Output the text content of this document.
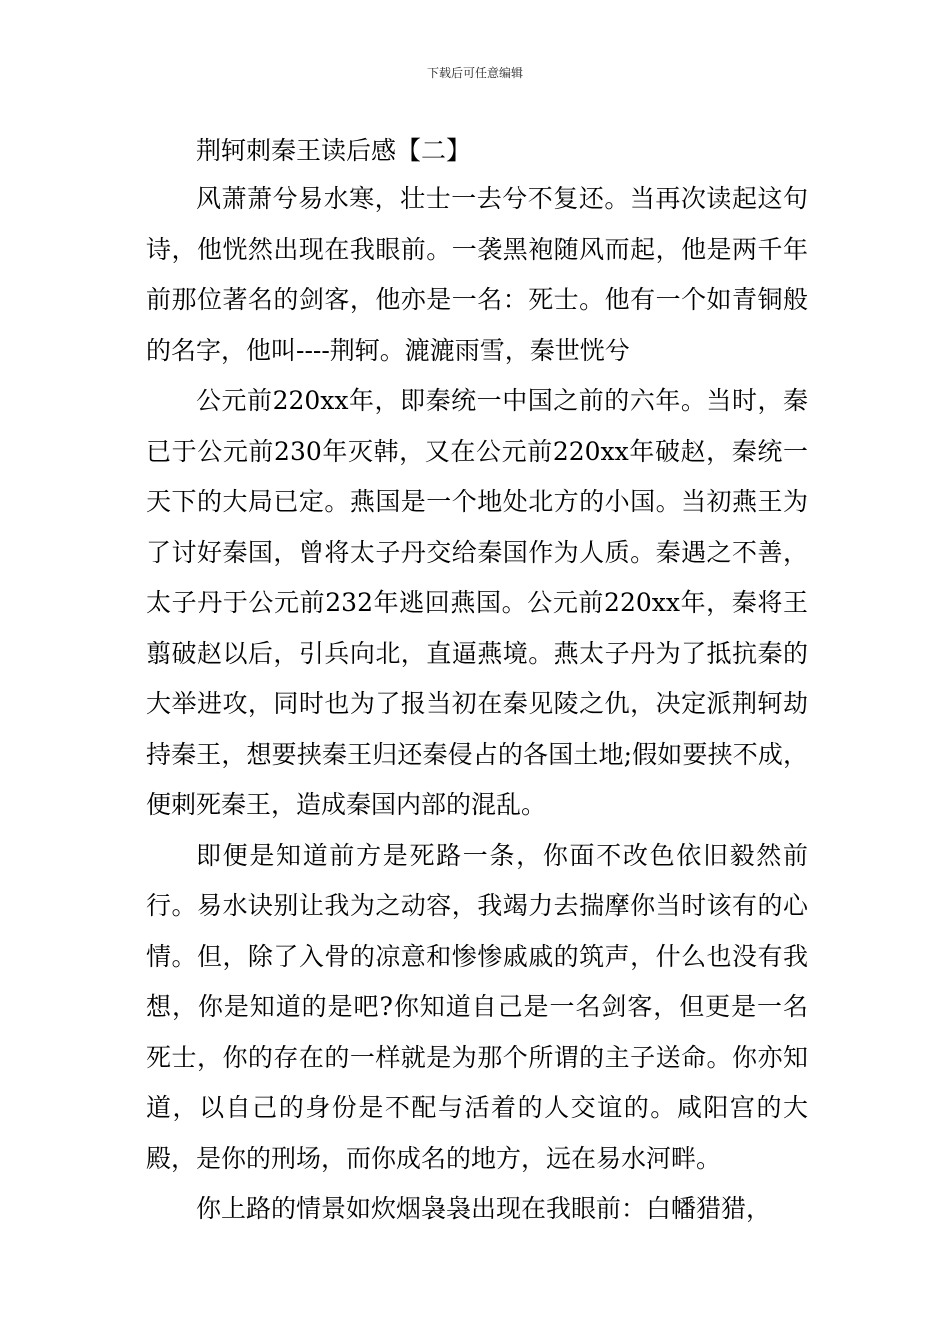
下载后可任意编辑
荆轲刺秦王读后感【二】

风萧萧兮易水寒，壮士一去兮不复还。当再次读起这句诗，他恍然出现在我眼前。一袭黑袍随风而起，他是两千年前那位著名的剑客，他亦是一名：死士。他有一个如青铜般的名字，他叫----荆轲。漉漉雨雪，秦世恍兮

公元前220xx年，即秦统一中国之前的六年。当时，秦已于公元前230年灭韩，又在公元前220xx年破赵，秦统一天下的大局已定。燕国是一个地处北方的小国。当初燕王为了讨好秦国，曾将太子丹交给秦国作为人质。秦遇之不善，太子丹于公元前232年逃回燕国。公元前220xx年，秦将王翦破赵以后，引兵向北，直逼燕境。燕太子丹为了抵抗秦的大举进攻，同时也为了报当初在秦见陵之仇，决定派荆轲劫持秦王，想要挟秦王归还秦侵占的各国土地;假如要挟不成，便刺死秦王，造成秦国内部的混乱。

即便是知道前方是死路一条，你面不改色依旧毅然前行。易水诀别让我为之动容，我竭力去揣摩你当时该有的心情。但，除了入骨的凉意和惨惨戚戚的筑声，什么也没有我想，你是知道的是吧?你知道自己是一名剑客，但更是一名死士，你的存在的一样就是为那个所谓的主子送命。你亦知道，以自己的身份是不配与活着的人交谊的。咸阳宫的大殿，是你的刑场，而你成名的地方，远在易水河畔。

你上路的情景如炊烟袅袅出现在我眼前：白幡猎猎，
